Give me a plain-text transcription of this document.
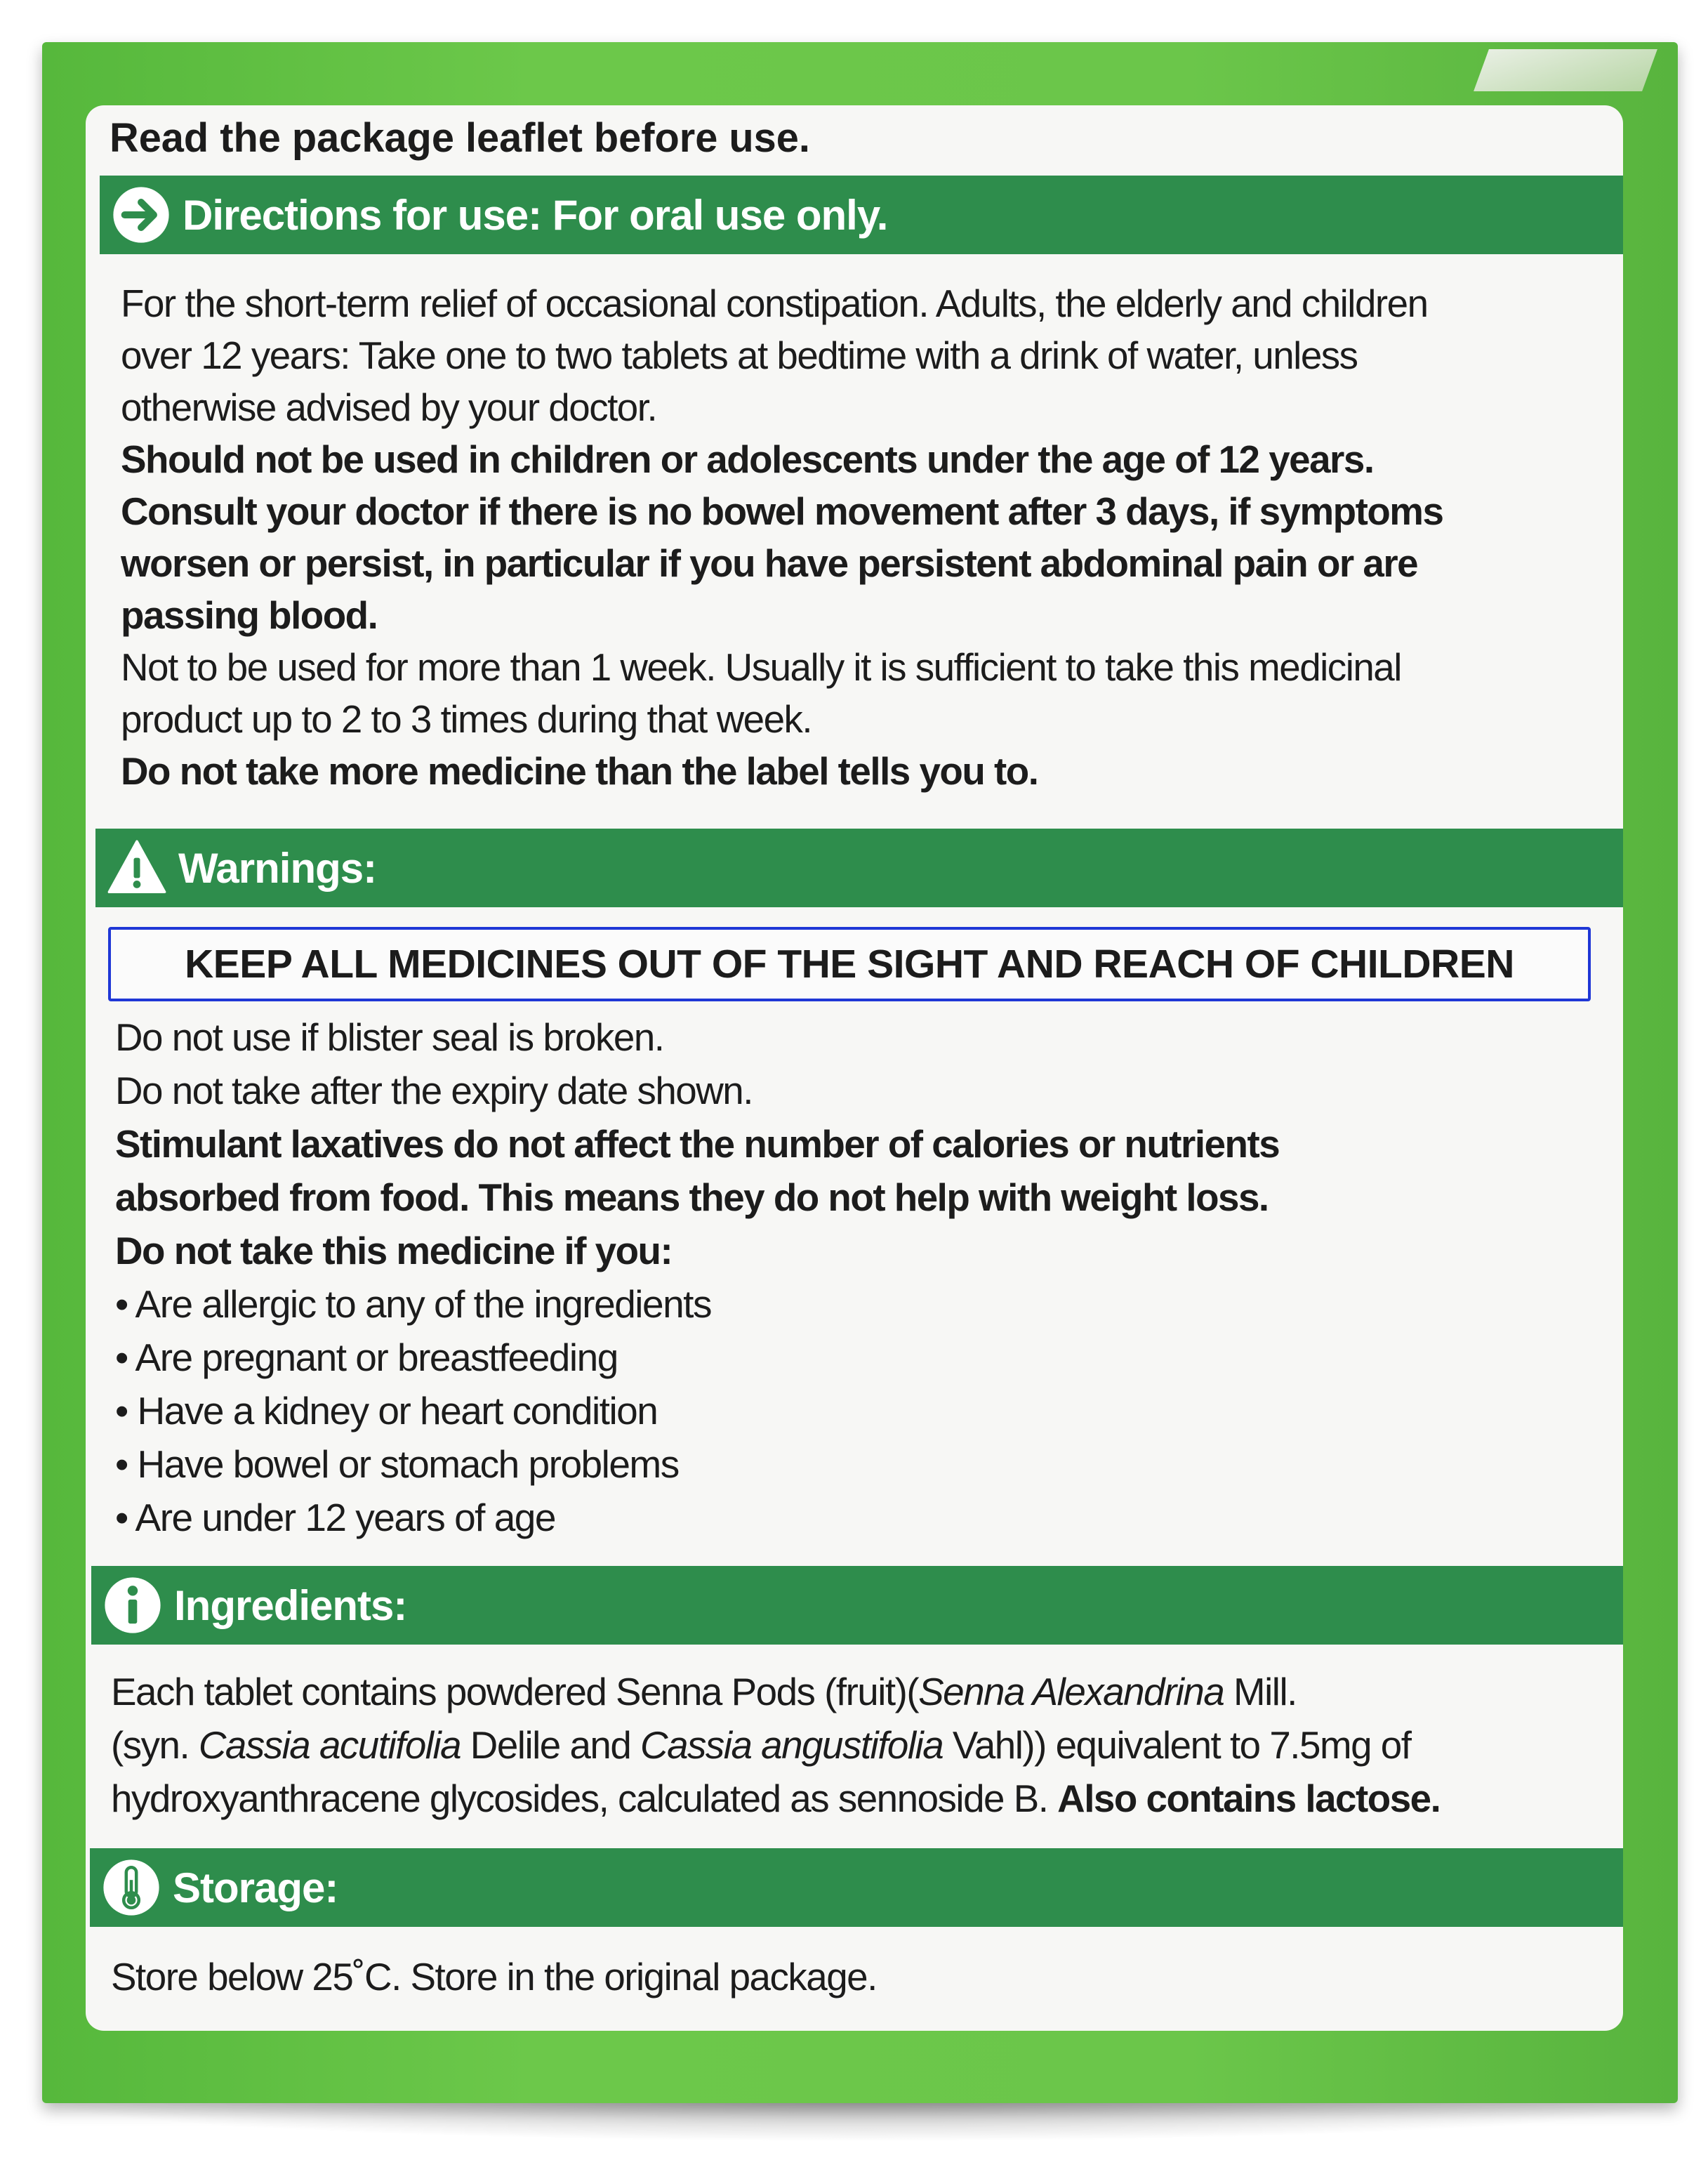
Read the package leaflet before use.
Directions for use: For oral use only.
For the short-term relief of occasional constipation. Adults, the elderly and children
over 12 years: Take one to two tablets at bedtime with a drink of water, unless
otherwise advised by your doctor.
Should not be used in children or adolescents under the age of 12 years.
Consult your doctor if there is no bowel movement after 3 days, if symptoms
worsen or persist, in particular if you have persistent abdominal pain or are
passing blood.
Not to be used for more than 1 week. Usually it is sufficient to take this medicinal
product up to 2 to 3 times during that week.
Do not take more medicine than the label tells you to.
Warnings:
KEEP ALL MEDICINES OUT OF THE SIGHT AND REACH OF CHILDREN
Do not use if blister seal is broken.
Do not take after the expiry date shown.
Stimulant laxatives do not affect the number of calories or nutrients
absorbed from food. This means they do not help with weight loss.
Do not take this medicine if you:
• Are allergic to any of the ingredients
• Are pregnant or breastfeeding
• Have a kidney or heart condition
• Have bowel or stomach problems
• Are under 12 years of age
Ingredients:
Each tablet contains powdered Senna Pods (fruit)(Senna Alexandrina Mill.
(syn. Cassia acutifolia Delile and Cassia angustifolia Vahl)) equivalent to 7.5mg of
hydroxyanthracene glycosides, calculated as sennoside B. Also contains lactose.
Storage:
Store below 25˚C. Store in the original package.
